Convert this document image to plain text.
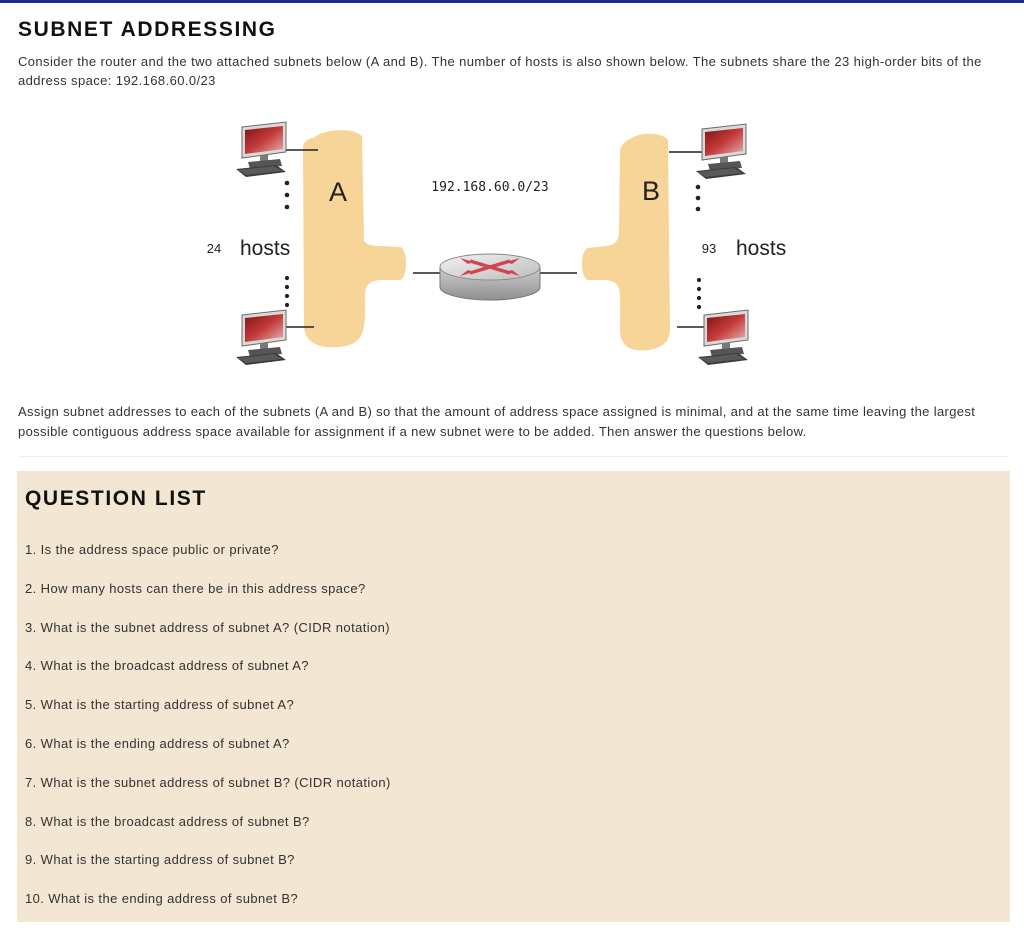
SUBNET ADDRESSING

Consider the router and the two attached subnets below (A and B). The number of hosts is also shown below. The subnets share the 23 high-order bits of the address space: 192.168.60.0/23

A	B
192.168.60.0/23
24 hosts	93 hosts

Assign subnet addresses to each of the subnets (A and B) so that the amount of address space assigned is minimal, and at the same time leaving the largest possible contiguous address space available for assignment if a new subnet were to be added. Then answer the questions below.

QUESTION LIST
1. Is the address space public or private?
2. How many hosts can there be in this address space?
3. What is the subnet address of subnet A? (CIDR notation)
4. What is the broadcast address of subnet A?
5. What is the starting address of subnet A?
6. What is the ending address of subnet A?
7. What is the subnet address of subnet B? (CIDR notation)
8. What is the broadcast address of subnet B?
9. What is the starting address of subnet B?
10. What is the ending address of subnet B?
